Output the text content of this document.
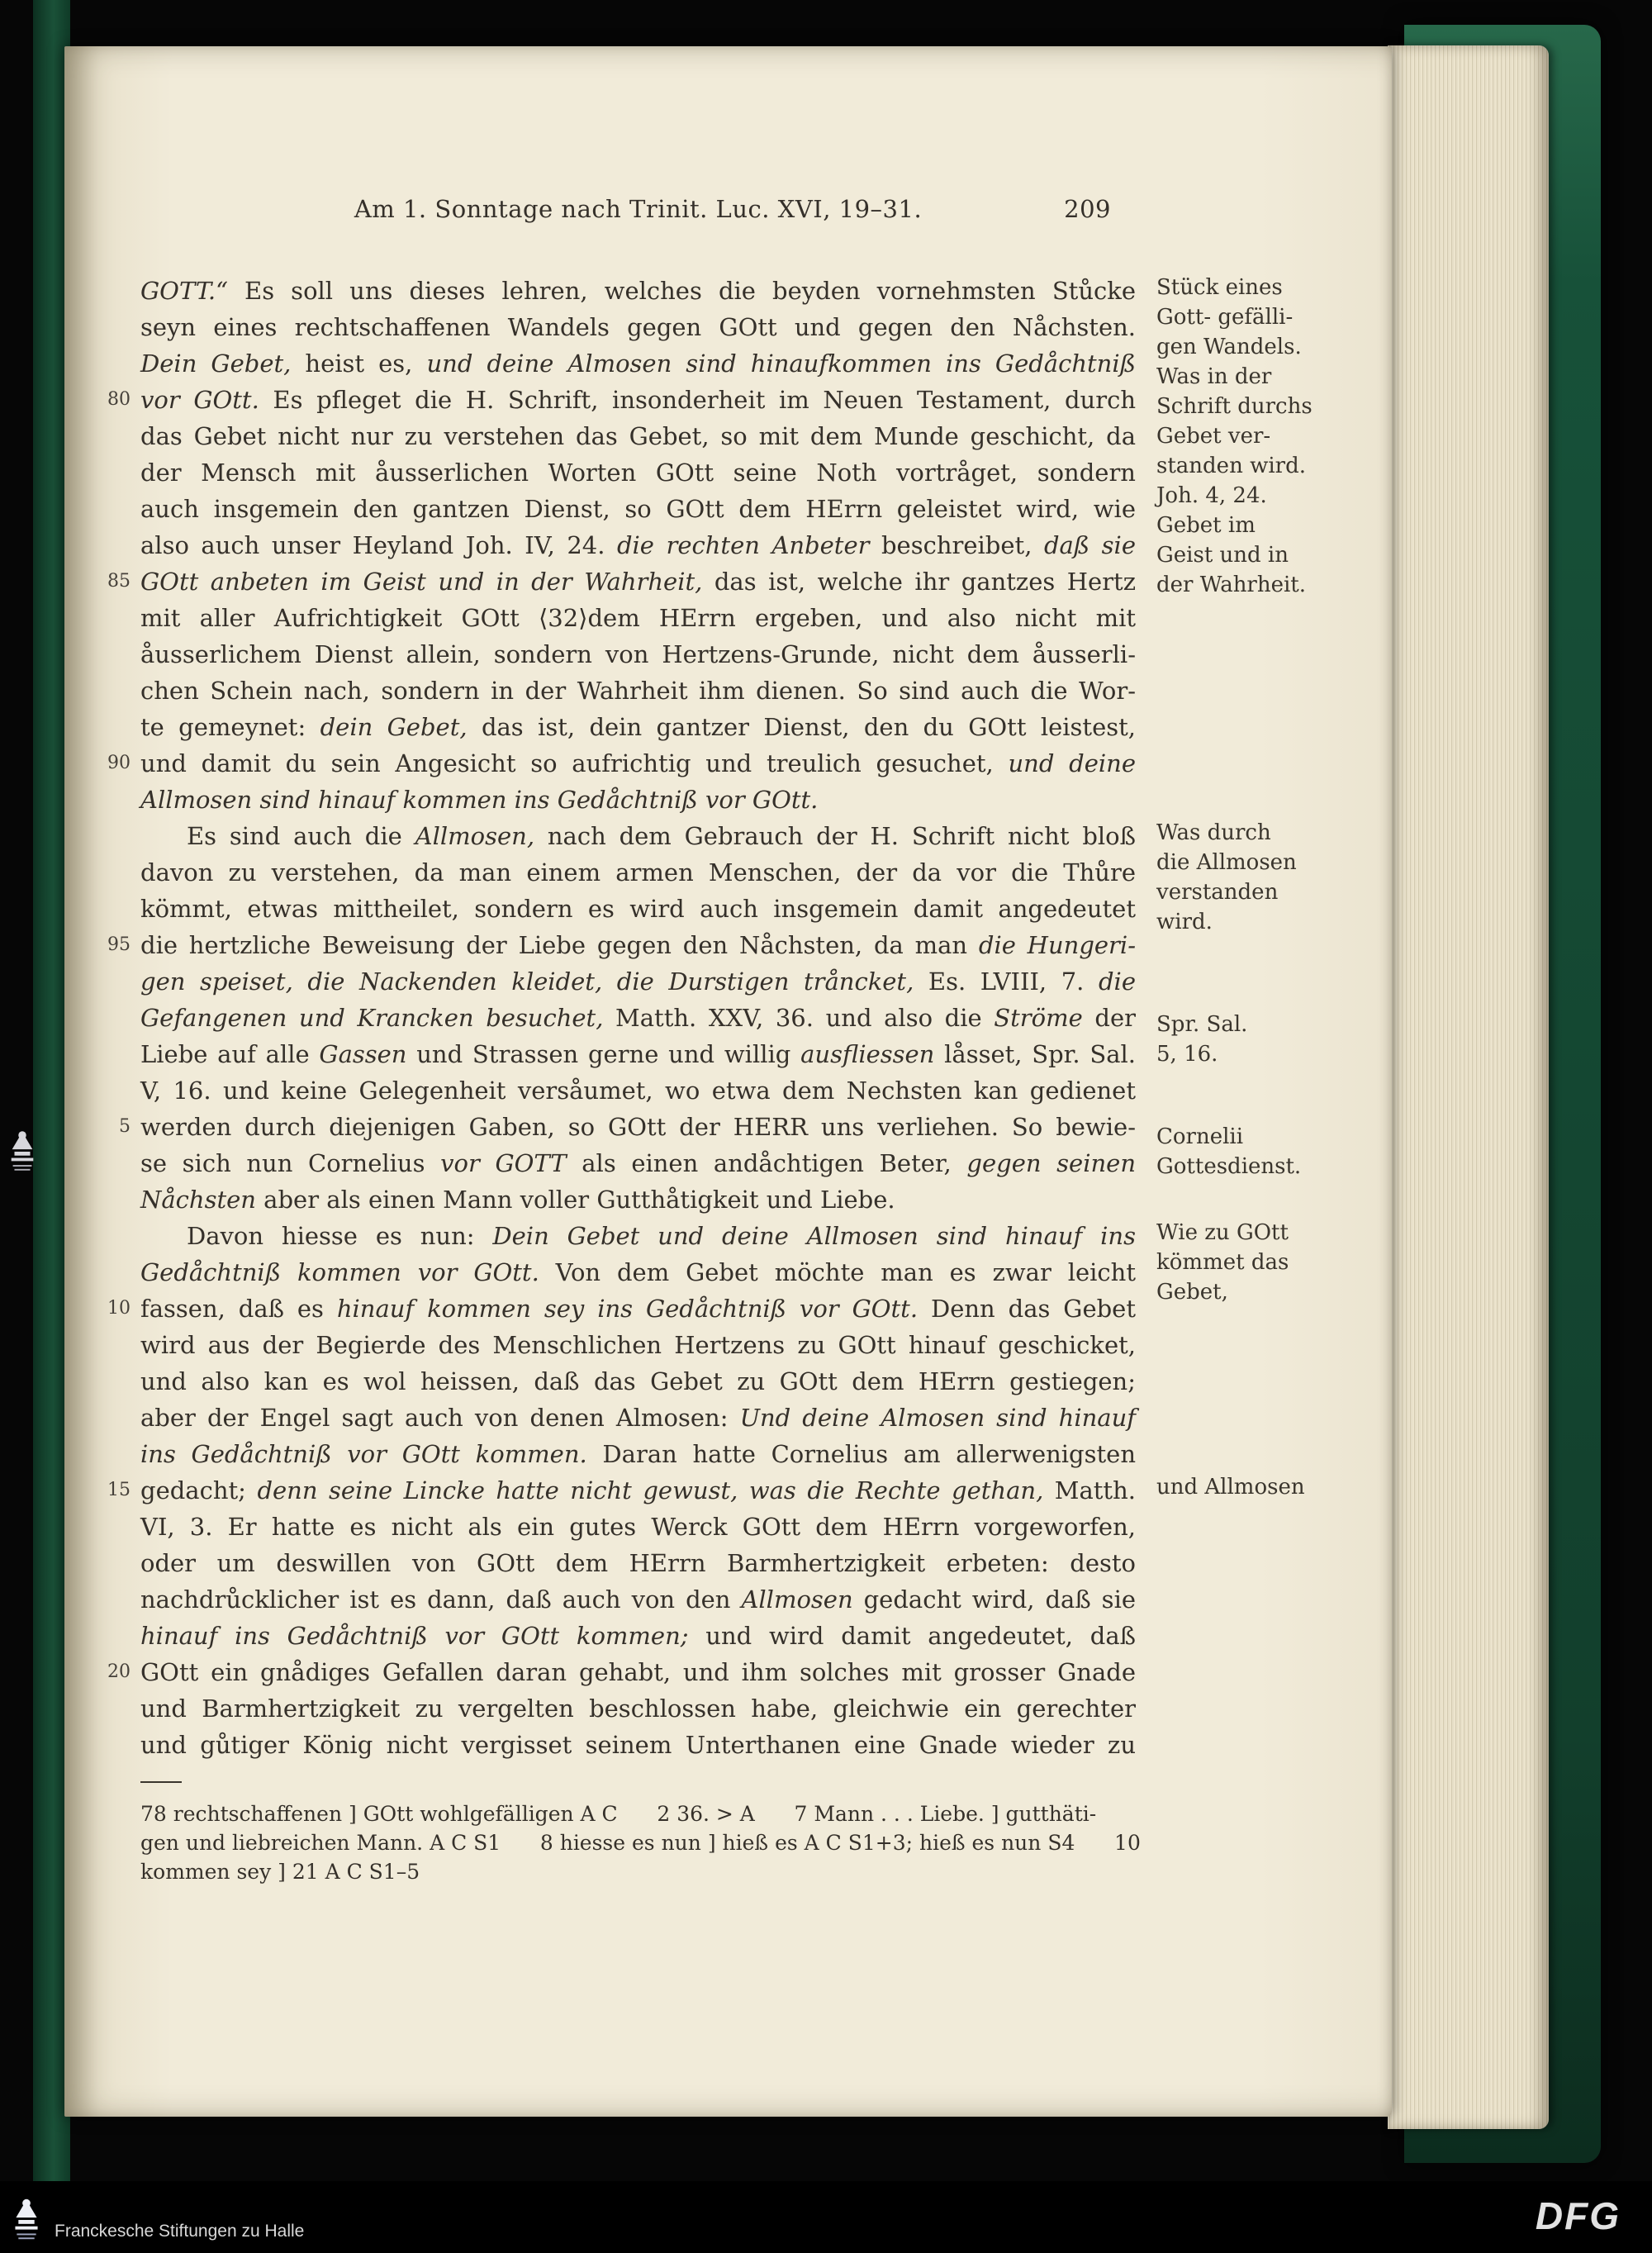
Am 1. Sonntage nach Trinit. Luc. XVI, 19–31.	209
GOTT.“ Es soll uns dieses lehren, welches die beyden vornehmsten Stůcke
seyn eines rechtschaffenen Wandels gegen GOtt und gegen den Nåchsten.
Dein Gebet, heist es, und deine Almosen sind hinaufkommen ins Gedåchtniß
80 vor GOtt. Es pfleget die H. Schrift, insonderheit im Neuen Testament, durch
das Gebet nicht nur zu verstehen das Gebet, so mit dem Munde geschicht, da
der Mensch mit åusserlichen Worten GOtt seine Noth vortråget, sondern
auch insgemein den gantzen Dienst, so GOtt dem HErrn geleistet wird, wie
also auch unser Heyland Joh. IV, 24. die rechten Anbeter beschreibet, daß sie
85 GOtt anbeten im Geist und in der Wahrheit, das ist, welche ihr gantzes Hertz
mit aller Aufrichtigkeit GOtt ⟨32⟩dem HErrn ergeben, und also nicht mit
åusserlichem Dienst allein, sondern von Hertzens-Grunde, nicht dem åusserli-
chen Schein nach, sondern in der Wahrheit ihm dienen. So sind auch die Wor-
te gemeynet: dein Gebet, das ist, dein gantzer Dienst, den du GOtt leistest,
90 und damit du sein Angesicht so aufrichtig und treulich gesuchet, und deine
Allmosen sind hinauf kommen ins Gedåchtniß vor GOtt.
Es sind auch die Allmosen, nach dem Gebrauch der H. Schrift nicht bloß
davon zu verstehen, da man einem armen Menschen, der da vor die Thůre
kömmt, etwas mittheilet, sondern es wird auch insgemein damit angedeutet
95 die hertzliche Beweisung der Liebe gegen den Nåchsten, da man die Hungeri-
gen speiset, die Nackenden kleidet, die Durstigen tråncket, Es. LVIII, 7. die
Gefangenen und Krancken besuchet, Matth. XXV, 36. und also die Ströme der
Liebe auf alle Gassen und Strassen gerne und willig ausfliessen låsset, Spr. Sal.
V, 16. und keine Gelegenheit versåumet, wo etwa dem Nechsten kan gedienet
5 werden durch diejenigen Gaben, so GOtt der HERR uns verliehen. So bewie-
se sich nun Cornelius vor GOTT als einen andåchtigen Beter, gegen seinen
Nåchsten aber als einen Mann voller Gutthåtigkeit und Liebe.
Davon hiesse es nun: Dein Gebet und deine Allmosen sind hinauf ins
Gedåchtniß kommen vor GOtt. Von dem Gebet möchte man es zwar leicht
10 fassen, daß es hinauf kommen sey ins Gedåchtniß vor GOtt. Denn das Gebet
wird aus der Begierde des Menschlichen Hertzens zu GOtt hinauf geschicket,
und also kan es wol heissen, daß das Gebet zu GOtt dem HErrn gestiegen;
aber der Engel sagt auch von denen Almosen: Und deine Almosen sind hinauf
ins Gedåchtniß vor GOtt kommen. Daran hatte Cornelius am allerwenigsten
15 gedacht; denn seine Lincke hatte nicht gewust, was die Rechte gethan, Matth.
VI, 3. Er hatte es nicht als ein gutes Werck GOtt dem HErrn vorgeworfen,
oder um deswillen von GOtt dem HErrn Barmhertzigkeit erbeten: desto
nachdrůcklicher ist es dann, daß auch von den Allmosen gedacht wird, daß sie
hinauf ins Gedåchtniß vor GOtt kommen; und wird damit angedeutet, daß
20 GOtt ein gnådiges Gefallen daran gehabt, und ihm solches mit grosser Gnade
und Barmhertzigkeit zu vergelten beschlossen habe, gleichwie ein gerechter
und gůtiger König nicht vergisset seinem Unterthanen eine Gnade wieder zu
Stück eines
Gott- gefälli-
gen Wandels.
Was in der
Schrift durchs
Gebet ver-
standen wird.
Joh. 4, 24.
Gebet im
Geist und in
der Wahrheit.
Was durch
die Allmosen
verstanden
wird.
Spr. Sal.
5, 16.
Cornelii
Gottesdienst.
Wie zu GOtt
kömmet das
Gebet,
und Allmosen
78 rechtschaffenen ] GOtt wohlgefälligen A C      2 36. > A      7 Mann . . . Liebe. ] gutthäti-
gen und liebreichen Mann. A C S1      8 hiesse es nun ] hieß es A C S1+3; hieß es nun S4      10
kommen sey ] 21 A C S1–5
Franckesche Stiftungen zu Halle	DFG
